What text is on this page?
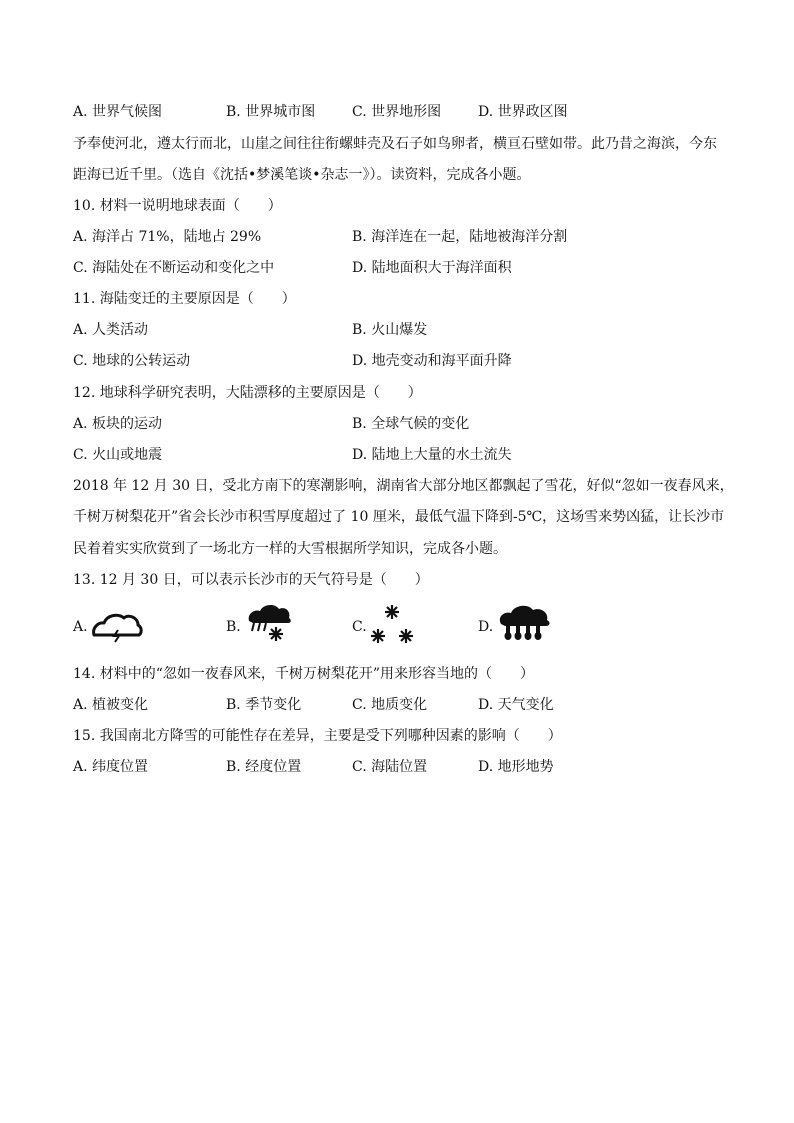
A. 世界气候图	B. 世界城市图	C. 世界地形图	D. 世界政区图
予奉使河北，遵太行而北，山崖之间往往衔螺蚌壳及石子如鸟卵者，横亘石壁如带。此乃昔之海滨，今东
距海已近千里。（选自《沈括•梦溪笔谈•杂志一》）。读资料，完成各小题。
10. 材料一说明地球表面（　　）
A. 海洋占 71%，陆地占 29%	B. 海洋连在一起，陆地被海洋分割
C. 海陆处在不断运动和变化之中	D. 陆地面积大于海洋面积
11. 海陆变迁的主要原因是（　　）
A. 人类活动	B. 火山爆发
C. 地球的公转运动	D. 地壳变动和海平面升降
12. 地球科学研究表明，大陆漂移的主要原因是（　　）
A. 板块的运动	B. 全球气候的变化
C. 火山或地震	D. 陆地上大量的水土流失
2018 年 12 月 30 日，受北方南下的寒潮影响，湖南省大部分地区都飘起了雪花，好似“忽如一夜春风来，
千树万树梨花开”省会长沙市积雪厚度超过了 10 厘米，最低气温下降到-5℃，这场雪来势凶猛，让长沙市
民着着实实欣赏到了一场北方一样的大雪根据所学知识，完成各小题。
13. 12 月 30 日，可以表示长沙市的天气符号是（　　）
A.	B.	C.	D.
14. 材料中的“忽如一夜春风来，千树万树梨花开”用来形容当地的（　　）
A. 植被变化	B. 季节变化	C. 地质变化	D. 天气变化
15. 我国南北方降雪的可能性存在差异，主要是受下列哪种因素的影响（　　）
A. 纬度位置	B. 经度位置	C. 海陆位置	D. 地形地势
